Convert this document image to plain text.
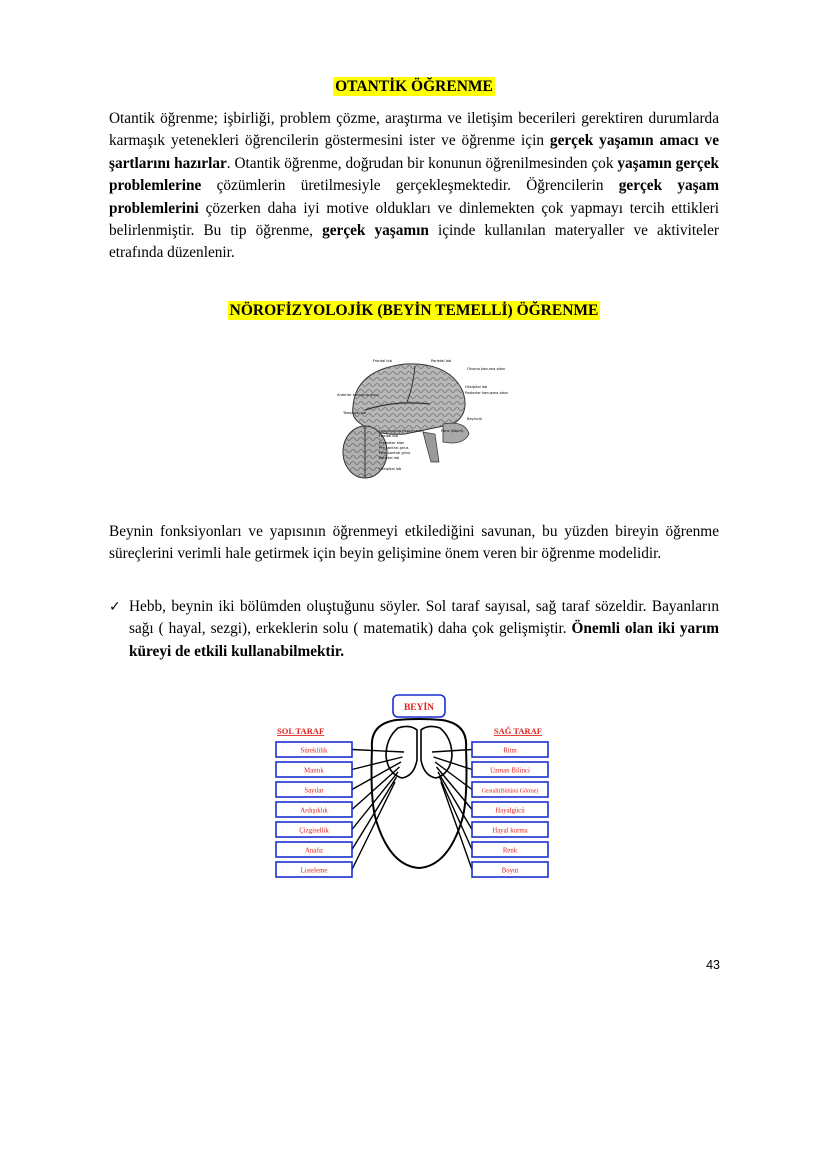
OTANTİK ÖĞRENME
Otantik öğrenme; işbirliği, problem çözme, araştırma ve iletişim becerileri gerektiren durumlarda karmaşık yetenekleri öğrencilerin göstermesini ister ve öğrenme için gerçek yaşamın amacı ve şartlarını hazırlar. Otantik öğrenme, doğrudan bir konunun öğrenilmesinden çok yaşamın gerçek problemlerine çözümlerin üretilmesiyle gerçekleşmektedir. Öğrencilerin gerçek yaşam problemlerini çözerken daha iyi motive oldukları ve dinlemekten çok yapmayı tercih ettikleri belirlenmiştir. Bu tip öğrenme, gerçek yaşamın içinde kullanılan materyaller ve aktiviteler etrafında düzenlenir.
NÖROFİZYOLOJİK (BEYİN TEMELLİ) ÖĞRENME
Frontal lob	Parietal lob
Okuma konuma alanı
Oksipital lob
Posterior konuşma alanı
Anterior konuşma alanı
Temporal lob
Beyincik
Longitudinal fissür(yarık)
Frontal lob
Pons (köprü)
Premotor alan
Pre-santral girus
Post-santral girus
Parietal lob
Oksipital lob
Beynin fonksiyonları ve yapısının öğrenmeyi etkilediğini savunan, bu yüzden bireyin öğrenme süreçlerini verimli hale getirmek için beyin gelişimine önem veren bir öğrenme modelidir.
✓ Hebb, beynin iki bölümden oluştuğunu söyler. Sol taraf sayısal, sağ taraf sözeldir. Bayanların sağı ( hayal, sezgi), erkeklerin solu ( matematik) daha çok gelişmiştir. Önemli olan iki yarım küreyi de etkili kullanabilmektir.
BEYİN
SOL TARAF	SAĞ TARAF
Süreklilik
Mantık
Sayılar
Ardışıklık
Çizgisellik
Analiz
Listeleme
Ritm
Uzman Bilinci
Gestalt(Bütünü Görme)
Hayalgücü
Hayal kurma
Renk
Boyut
43
